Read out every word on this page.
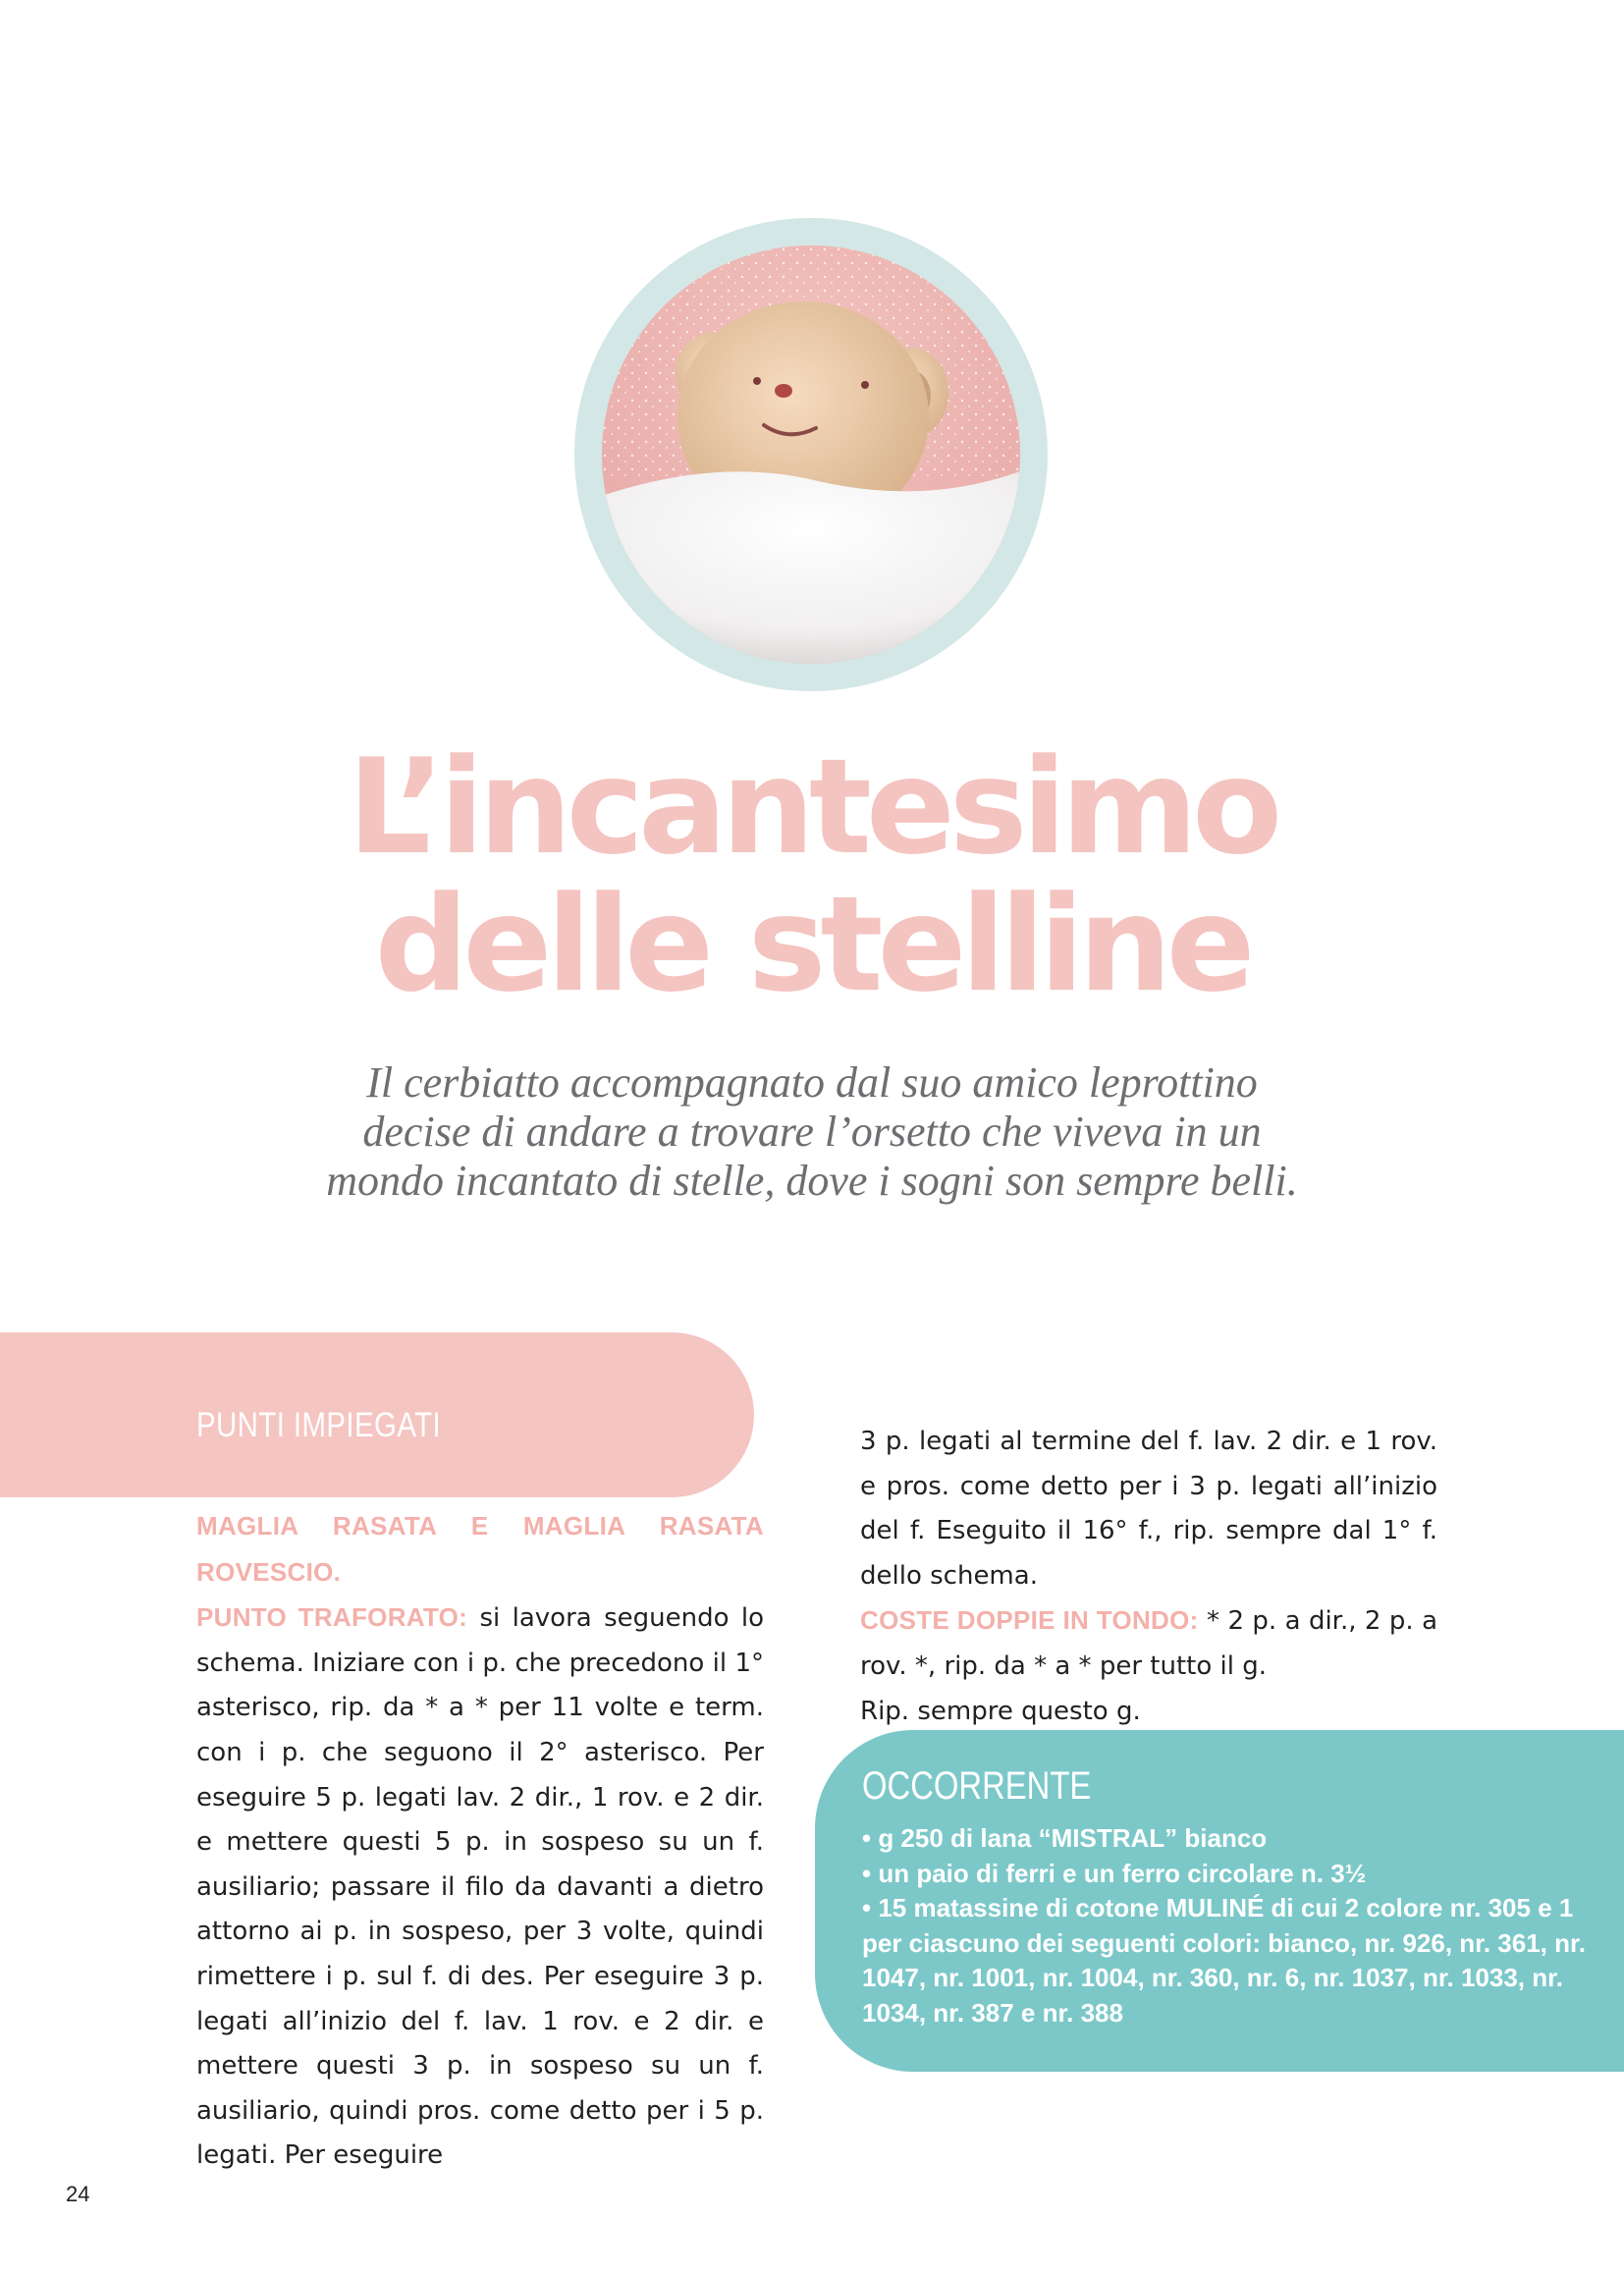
L’incantesimo
delle stelline

Il cerbiatto accompagnato dal suo amico leprottino
decise di andare a trovare l’orsetto che viveva in un
mondo incantato di stelle, dove i sogni son sempre belli.

PUNTI IMPIEGATI

MAGLIA RASATA E MAGLIA RASATA ROVESCIO.

PUNTO TRAFORATO: si lavora seguendo lo schema. Iniziare con i p. che precedono il 1° asterisco, rip. da * a * per 11 volte e term. con i p. che seguono il 2° asterisco. Per eseguire 5 p. legati lav. 2 dir., 1 rov. e 2 dir. e mettere questi 5 p. in sospeso su un f. ausiliario; passare il filo da davanti a dietro attorno ai p. in sospeso, per 3 volte, quindi rimettere i p. sul f. di des. Per eseguire 3 p. legati all’inizio del f. lav. 1 rov. e 2 dir. e mettere questi 3 p. in sospeso su un f. ausiliario, quindi pros. come detto per i 5 p. legati. Per eseguire

3 p. legati al termine del f. lav. 2 dir. e 1 rov. e pros. come detto per i 3 p. legati all’inizio del f. Eseguito il 16° f., rip. sempre dal 1° f. dello schema.

COSTE DOPPIE IN TONDO: * 2 p. a dir., 2 p. a rov. *, rip. da * a * per tutto il g.

Rip. sempre questo g.

OCCORRENTE
• g 250 di lana “MISTRAL” bianco
• un paio di ferri e un ferro circolare n. 3½
• 15 matassine di cotone MULINÉ di cui 2 colore nr. 305 e 1 per ciascuno dei seguenti colori: bianco, nr. 926, nr. 361, nr. 1047, nr. 1001, nr. 1004, nr. 360, nr. 6, nr. 1037, nr. 1033, nr. 1034, nr. 387 e nr. 388
24
